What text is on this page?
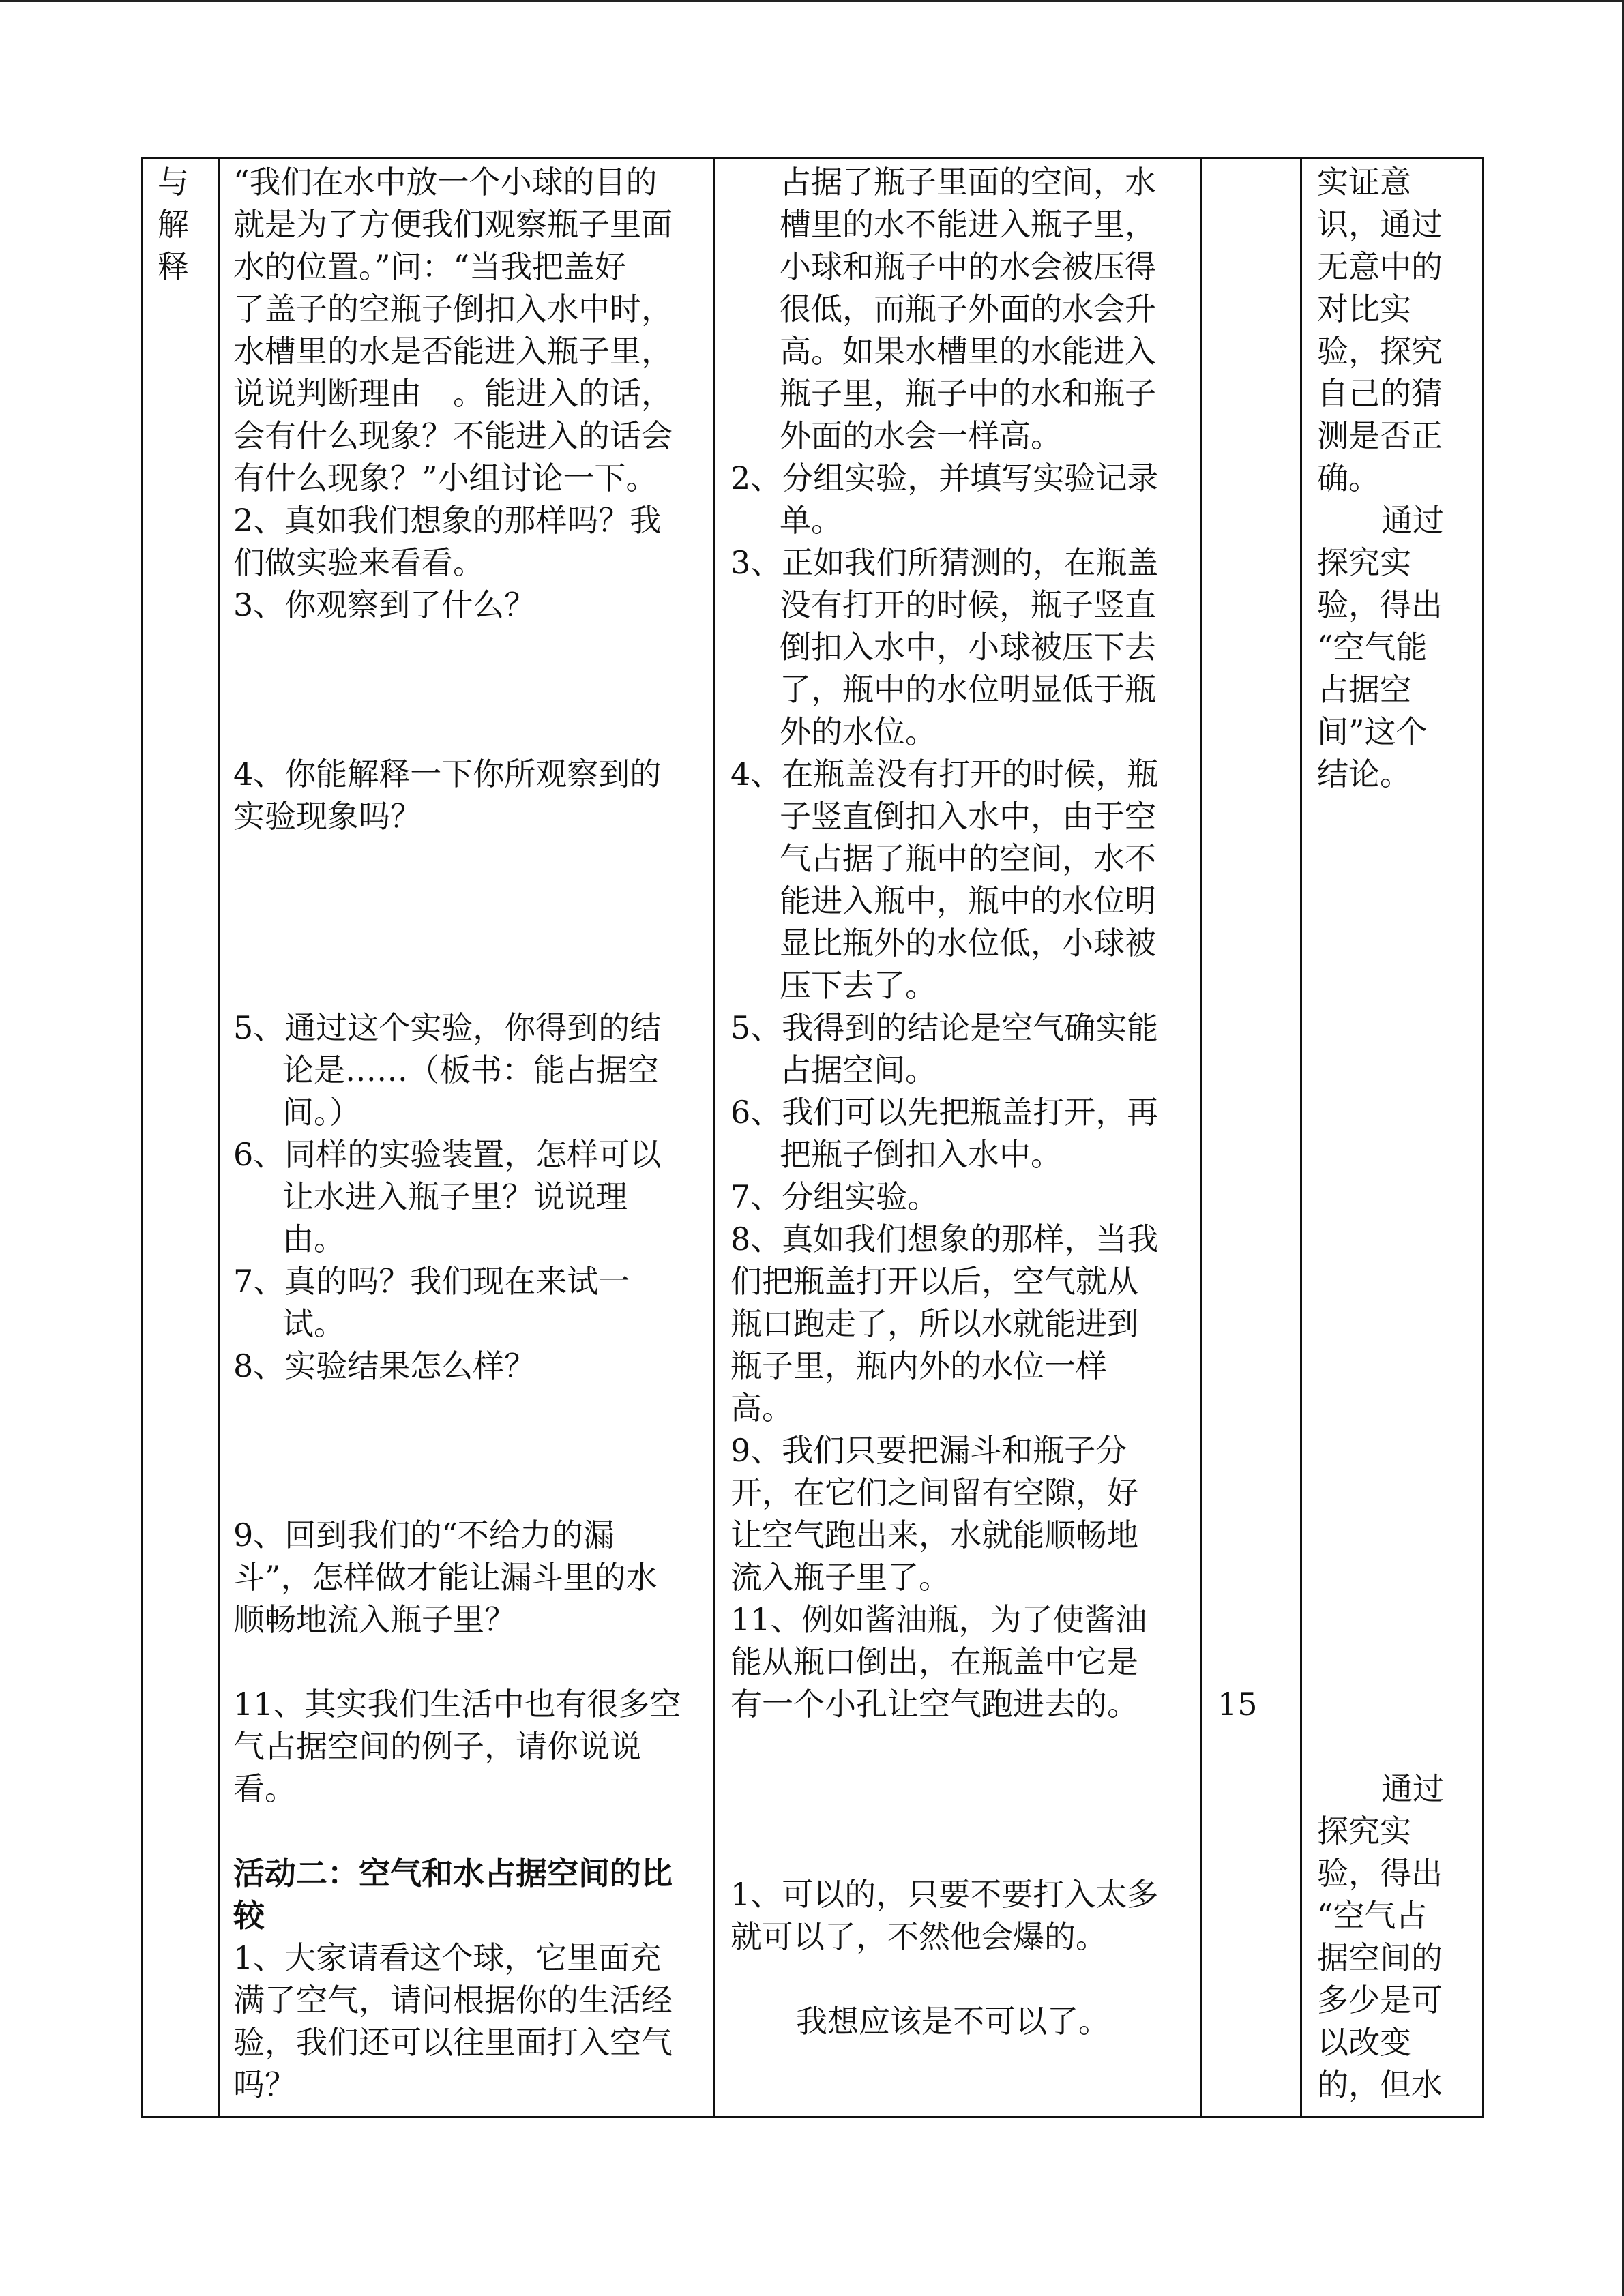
与

解

释

“我们在水中放一个小球的目的

就是为了方便我们观察瓶子里面

水的位置。”问：“当我把盖好

了盖子的空瓶子倒扣入水中时，

水槽里的水是否能进入瓶子里，

说说判断理由　。能进入的话，

会有什么现象？不能进入的话会

有什么现象？”小组讨论一下。

2、真如我们想象的那样吗？我

们做实验来看看。

3、你观察到了什么？

4、你能解释一下你所观察到的

实验现象吗？

5、通过这个实验，你得到的结

论是……（板书：能占据空

间。）

6、同样的实验装置，怎样可以

让水进入瓶子里？说说理

由。

7、真的吗？我们现在来试一

试。

8、实验结果怎么样？

9、回到我们的“不给力的漏

斗”，怎样做才能让漏斗里的水

顺畅地流入瓶子里？

11、其实我们生活中也有很多空

气占据空间的例子，请你说说

看。

活动二：空气和水占据空间的比

较

1、大家请看这个球，它里面充

满了空气，请问根据你的生活经

验，我们还可以往里面打入空气

吗？

占据了瓶子里面的空间，水

槽里的水不能进入瓶子里，

小球和瓶子中的水会被压得

很低，而瓶子外面的水会升

高。如果水槽里的水能进入

瓶子里，瓶子中的水和瓶子

外面的水会一样高。

2、分组实验，并填写实验记录

单。

3、正如我们所猜测的，在瓶盖

没有打开的时候，瓶子竖直

倒扣入水中，小球被压下去

了，瓶中的水位明显低于瓶

外的水位。

4、在瓶盖没有打开的时候，瓶

子竖直倒扣入水中，由于空

气占据了瓶中的空间，水不

能进入瓶中，瓶中的水位明

显比瓶外的水位低，小球被

压下去了。

5、我得到的结论是空气确实能

占据空间。

6、我们可以先把瓶盖打开，再

把瓶子倒扣入水中。

7、分组实验。

8、真如我们想象的那样，当我

们把瓶盖打开以后，空气就从

瓶口跑走了，所以水就能进到

瓶子里，瓶内外的水位一样

高。

9、我们只要把漏斗和瓶子分

开，在它们之间留有空隙，好

让空气跑出来，水就能顺畅地

流入瓶子里了。

11、例如酱油瓶，为了使酱油

能从瓶口倒出，在瓶盖中它是

有一个小孔让空气跑进去的。

1、可以的，只要不要打入太多

就可以了，不然他会爆的。

我想应该是不可以了。

15

实证意

识，通过

无意中的

对比实

验，探究

自己的猜

测是否正

确。

通过

探究实

验，得出

“空气能

占据空

间”这个

结论。

通过

探究实

验，得出

“空气占

据空间的

多少是可

以改变

的，但水
